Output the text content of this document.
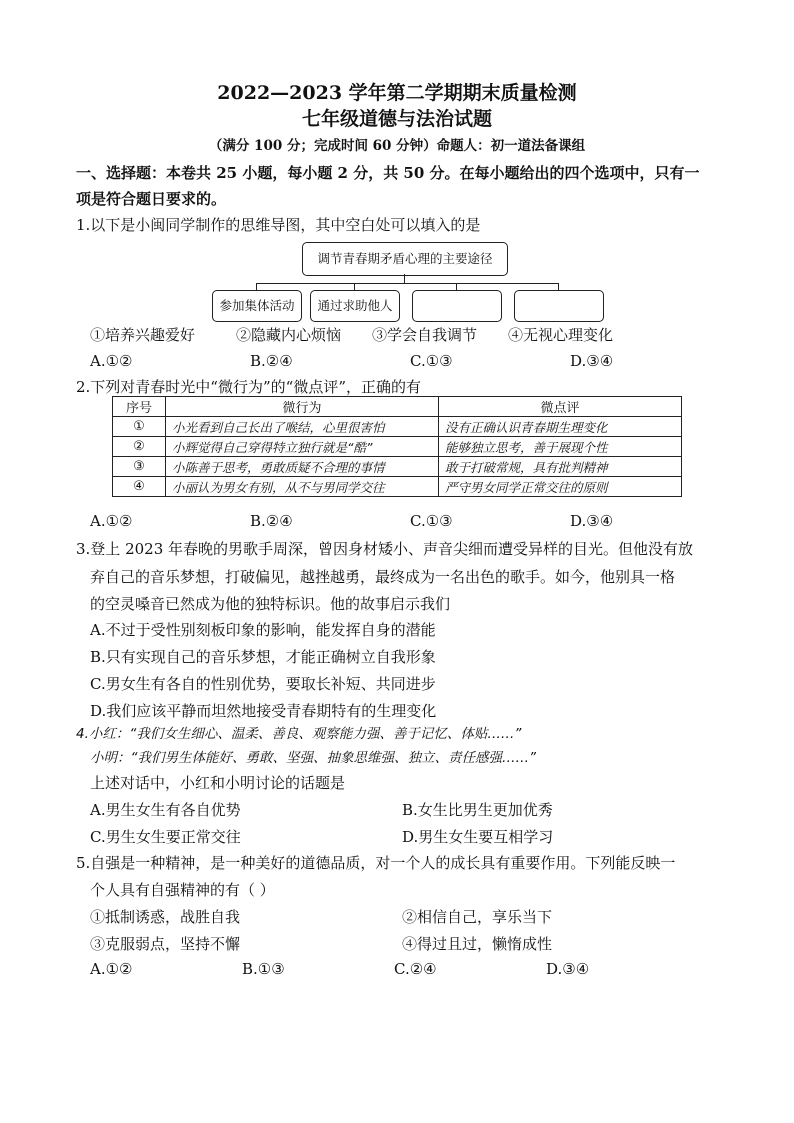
2022—2023 学年第二学期期末质量检测
七年级道德与法治试题
（满分 100 分；完成时间 60 分钟）命题人：初一道法备课组
一、选择题：本卷共 25 小题，每小题 2 分，共 50 分。在每小题给出的四个选项中，只有一
项是符合题日要求的。
1.以下是小闽同学制作的思维导图，其中空白处可以填入的是
调节青春期矛盾心理的主要途径
参加集体活动	通过求助他人
①培养兴趣爱好	②隐藏内心烦恼 ③学会自我调节 ④无视心理变化
A.①②	B.②④	C.①③	D.③④
2.下列对青春时光中“微行为”的“微点评”，正确的有
序号	微行为	微点评
①	小光看到自己长出了喉结，心里很害怕	没有正确认识青春期生理变化
②	小辉觉得自己穿得特立独行就是“酷”	能够独立思考，善于展现个性
③	小陈善于思考，勇敢质疑不合理的事情	敢于打破常规，具有批判精神
④	小丽认为男女有别，从不与男同学交往	严守男女同学正常交往的原则
A.①②	B.②④	C.①③	D.③④
3.登上 2023 年春晚的男歌手周深，曾因身材矮小、声音尖细而遭受异样的目光。但他没有放
弃自己的音乐梦想，打破偏见，越挫越勇，最终成为一名出色的歌手。如今，他别具一格
的空灵嗓音已然成为他的独特标识。他的故事启示我们
A.不过于受性别刻板印象的影响，能发挥自身的潜能
B.只有实现自己的音乐梦想，才能正确树立自我形象
C.男女生有各自的性别优势，要取长补短、共同进步
D.我们应该平静而坦然地接受青春期特有的生理变化
4.小红：“我们女生细心、温柔、善良、观察能力强、善于记忆、体贴……”
小明：“我们男生体能好、勇敢、坚强、抽象思维强、独立、责任感强……”
上述对话中，小红和小明讨论的话题是
A.男生女生有各自优势	B.女生比男生更加优秀
C.男生女生要正常交往	D.男生女生要互相学习
5.自强是一种精神，是一种美好的道德品质，对一个人的成长具有重要作用。下列能反映一
个人具有自强精神的有（ ）
①抵制诱惑，战胜自我	②相信自己，享乐当下
③克服弱点，坚持不懈	④得过且过，懒惰成性
A.①②	B.①③	C.②④	D.③④
